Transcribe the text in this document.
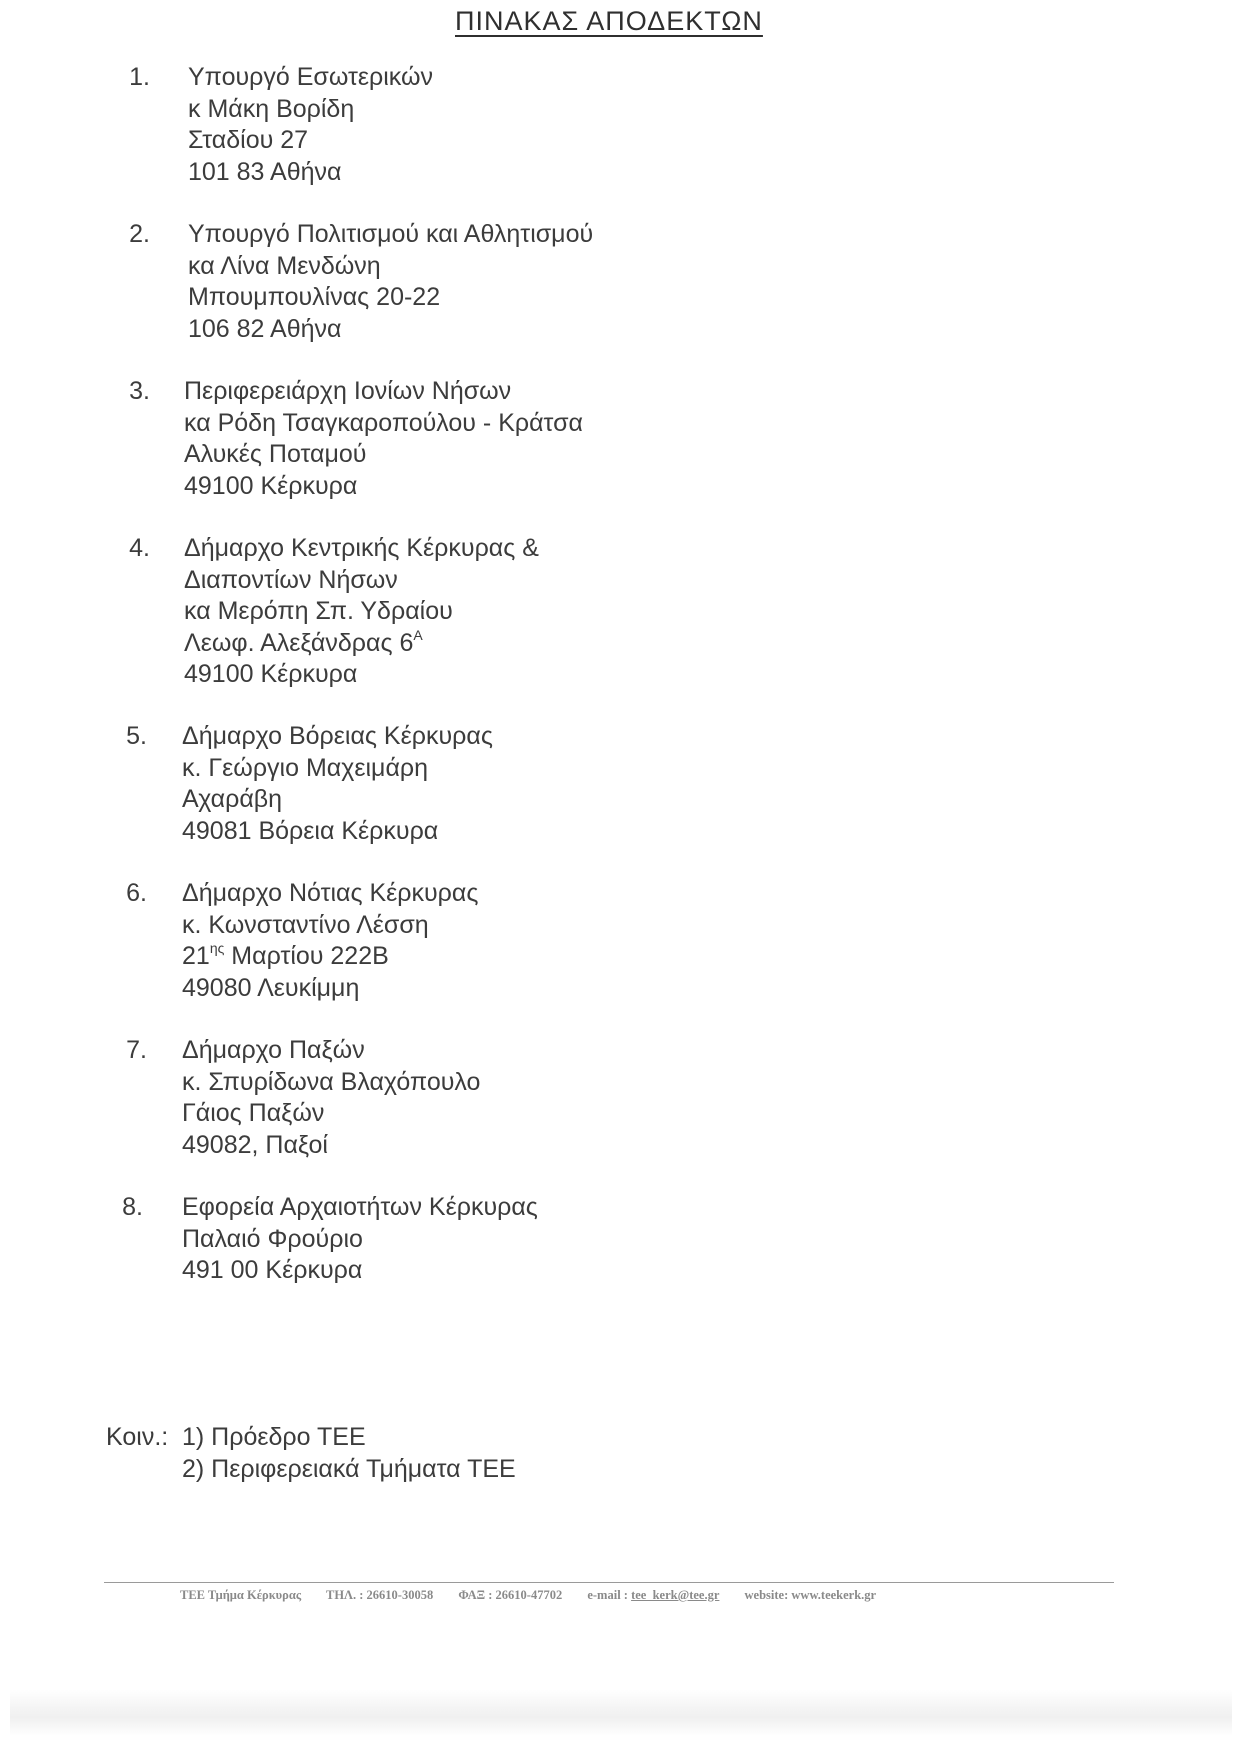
ΠΙΝΑΚΑΣ ΑΠΟΔΕΚΤΩΝ
1. Υπουργό Εσωτερικών
κ Μάκη Βορίδη
Σταδίου 27
101 83 Αθήνα
2. Υπουργό Πολιτισμού και Αθλητισμού
κα Λίνα Μενδώνη
Μπουμπουλίνας 20-22
106 82 Αθήνα
3. Περιφερειάρχη Ιονίων Νήσων
κα Ρόδη Τσαγκαροπούλου - Κράτσα
Αλυκές Ποταμού
49100 Κέρκυρα
4. Δήμαρχο Κεντρικής Κέρκυρας &
Διαποντίων Νήσων
κα Μερόπη Σπ. Υδραίου
Λεωφ. Αλεξάνδρας $6^A$
49100 Κέρκυρα
5. Δήμαρχο Βόρειας Κέρκυρας
κ. Γεώργιο Μαχειμάρη
Αχαράβη
49081 Βόρεια Κέρκυρα
6. Δήμαρχο Νότιας Κέρκυρας
κ. Κωνσταντίνο Λέσση
$21^{\eta\varsigma}$ Μαρτίου 222Β
49080 Λευκίμμη
7. Δήμαρχο Παξών
κ. Σπυρίδωνα Βλαχόπουλο
Γάιος Παξών
49082, Παξοί
8. Εφορεία Αρχαιοτήτων Κέρκυρας
Παλαιό Φρούριο
491 00 Κέρκυρα
Κοιν.: 1) Πρόεδρο ΤΕΕ
2) Περιφερειακά Τμήματα ΤΕΕ
ΤΕΕ Τμήμα Κέρκυρας ΤΗΛ. : 26610-30058 ΦΑΞ : 26610-47702 e-mail : tee_kerk@tee.gr website: www.teekerk.gr
